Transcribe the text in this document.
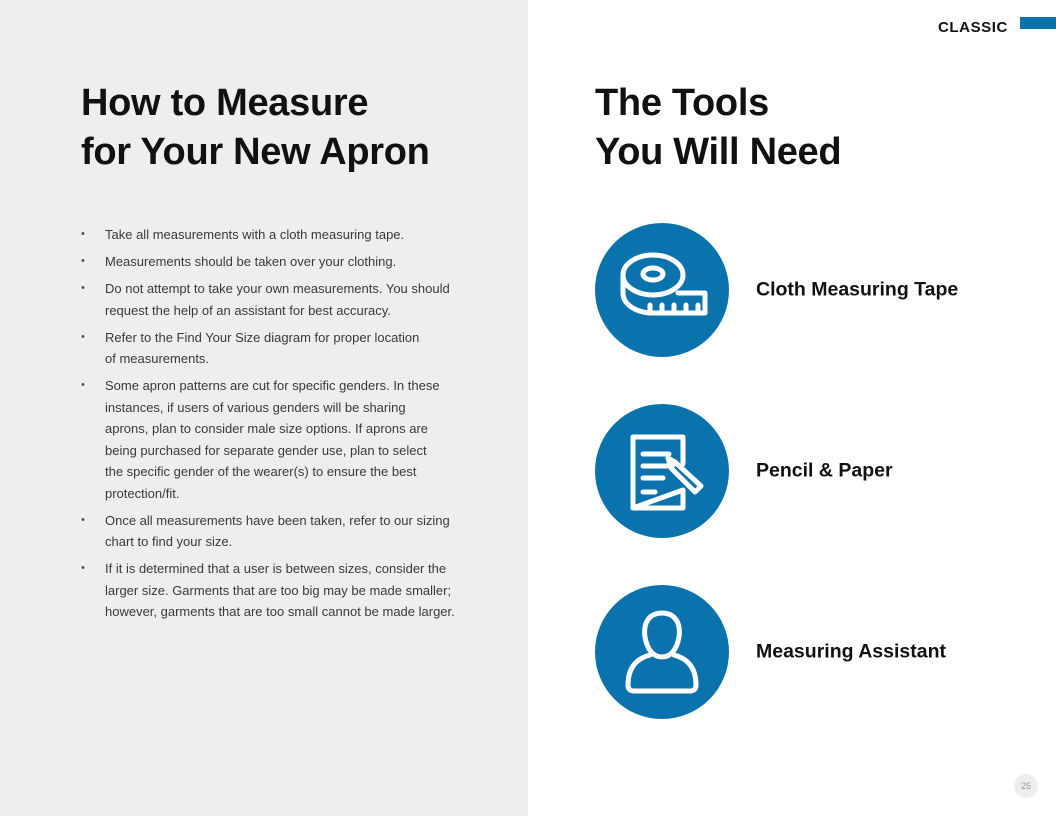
How to Measure
for Your New Apron
• Take all measurements with a cloth measuring tape.
• Measurements should be taken over your clothing.
• Do not attempt to take your own measurements. You should
request the help of an assistant for best accuracy.
• Refer to the Find Your Size diagram for proper location
of measurements.
• Some apron patterns are cut for specific genders. In these
instances, if users of various genders will be sharing
aprons, plan to consider male size options. If aprons are
being purchased for separate gender use, plan to select
the specific gender of the wearer(s) to ensure the best
protection/fit.
• Once all measurements have been taken, refer to our sizing
chart to find your size.
• If it is determined that a user is between sizes, consider the
larger size. Garments that are too big may be made smaller;
however, garments that are too small cannot be made larger.
The Tools
You Will Need
Cloth Measuring Tape
Pencil & Paper
Measuring Assistant
CLASSIC
25
